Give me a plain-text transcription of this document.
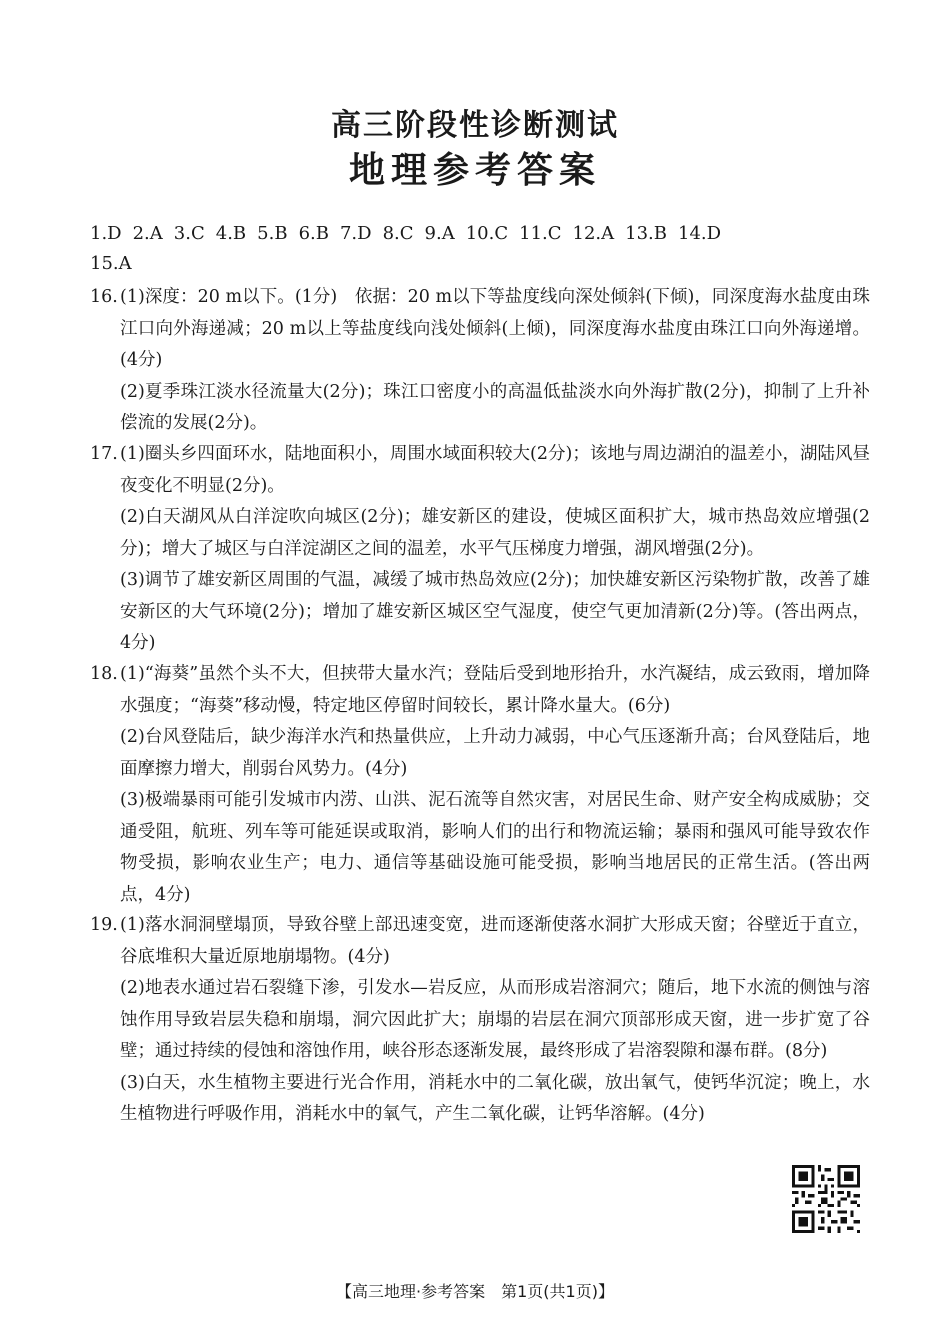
高三阶段性诊断测试
地理参考答案
1.D 2.A 3.C 4.B 5.B 6.B 7.D 8.C 9.A 10.C 11.C 12.A 13.B 14.D
15.A
16. (1)深度：20 m以下。(1分)　依据：20 m以下等盐度线向深处倾斜(下倾)，同深度海水盐度由珠江口向外海递减；20 m以上等盐度线向浅处倾斜(上倾)，同深度海水盐度由珠江口向外海递增。(4分)
(2)夏季珠江淡水径流量大(2分)；珠江口密度小的高温低盐淡水向外海扩散(2分)，抑制了上升补偿流的发展(2分)。
17. (1)圈头乡四面环水，陆地面积小，周围水域面积较大(2分)；该地与周边湖泊的温差小，湖陆风昼夜变化不明显(2分)。
(2)白天湖风从白洋淀吹向城区(2分)；雄安新区的建设，使城区面积扩大，城市热岛效应增强(2分)；增大了城区与白洋淀湖区之间的温差，水平气压梯度力增强，湖风增强(2分)。
(3)调节了雄安新区周围的气温，减缓了城市热岛效应(2分)；加快雄安新区污染物扩散，改善了雄安新区的大气环境(2分)；增加了雄安新区城区空气湿度，使空气更加清新(2分)等。(答出两点，4分)
18. (1)“海葵”虽然个头不大，但挟带大量水汽；登陆后受到地形抬升，水汽凝结，成云致雨，增加降水强度；“海葵”移动慢，特定地区停留时间较长，累计降水量大。(6分)
(2)台风登陆后，缺少海洋水汽和热量供应，上升动力减弱，中心气压逐渐升高；台风登陆后，地面摩擦力增大，削弱台风势力。(4分)
(3)极端暴雨可能引发城市内涝、山洪、泥石流等自然灾害，对居民生命、财产安全构成威胁；交通受阻，航班、列车等可能延误或取消，影响人们的出行和物流运输；暴雨和强风可能导致农作物受损，影响农业生产；电力、通信等基础设施可能受损，影响当地居民的正常生活。(答出两点，4分)
19. (1)落水洞洞壁塌顶，导致谷壁上部迅速变宽，进而逐渐使落水洞扩大形成天窗；谷壁近于直立，谷底堆积大量近原地崩塌物。(4分)
(2)地表水通过岩石裂缝下渗，引发水—岩反应，从而形成岩溶洞穴；随后，地下水流的侧蚀与溶蚀作用导致岩层失稳和崩塌，洞穴因此扩大；崩塌的岩层在洞穴顶部形成天窗，进一步扩宽了谷壁；通过持续的侵蚀和溶蚀作用，峡谷形态逐渐发展，最终形成了岩溶裂隙和瀑布群。(8分)
(3)白天，水生植物主要进行光合作用，消耗水中的二氧化碳，放出氧气，使钙华沉淀；晚上，水生植物进行呼吸作用，消耗水中的氧气，产生二氧化碳，让钙华溶解。(4分)
【高三地理·参考答案　第1页(共1页)】
